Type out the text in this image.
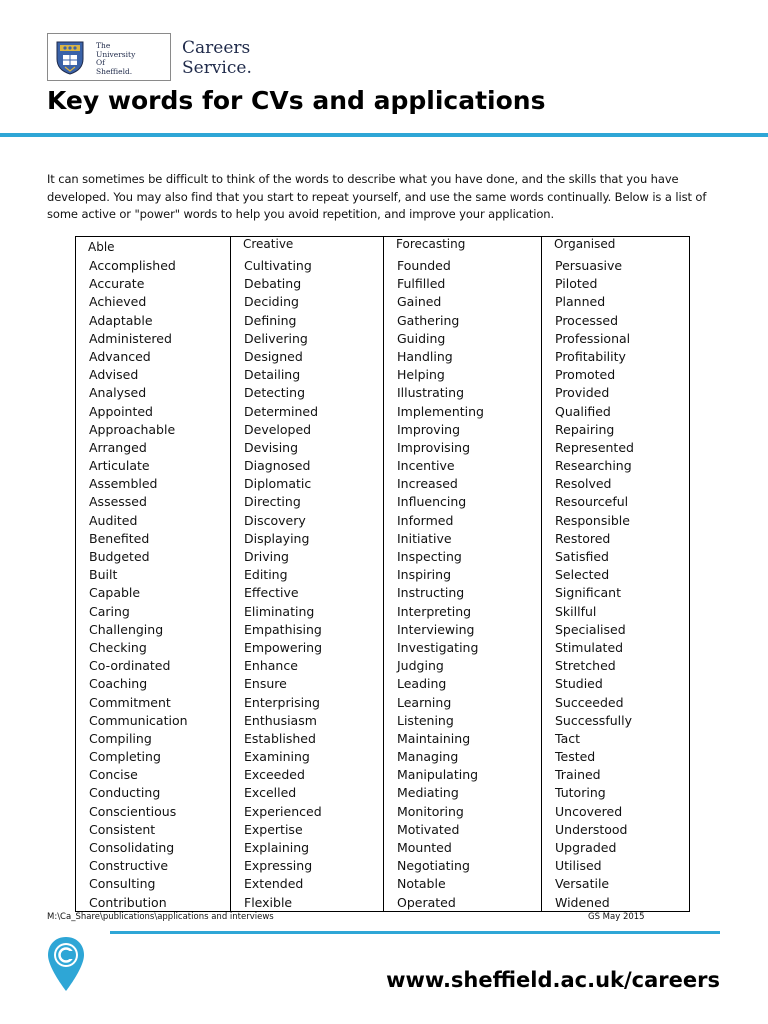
The
University
Of
Sheffield.
Careers
Service.
Key words for CVs and applications

It can sometimes be difficult to think of the words to describe what you have done, and the skills that you have developed. You may also find that you start to repeat yourself, and use the same words continually. Below is a list of some active or "power" words to help you avoid repetition, and improve your application.

Able
Accomplished
Accurate
Achieved
Adaptable
Administered
Advanced
Advised
Analysed
Appointed
Approachable
Arranged
Articulate
Assembled
Assessed
Audited
Benefited
Budgeted
Built
Capable
Caring
Challenging
Checking
Co-ordinated
Coaching
Commitment
Communication
Compiling
Completing
Concise
Conducting
Conscientious
Consistent
Consolidating
Constructive
Consulting
Contribution
Creative
Cultivating
Debating
Deciding
Defining
Delivering
Designed
Detailing
Detecting
Determined
Developed
Devising
Diagnosed
Diplomatic
Directing
Discovery
Displaying
Driving
Editing
Effective
Eliminating
Empathising
Empowering
Enhance
Ensure
Enterprising
Enthusiasm
Established
Examining
Exceeded
Excelled
Experienced
Expertise
Explaining
Expressing
Extended
Flexible
Forecasting
Founded
Fulfilled
Gained
Gathering
Guiding
Handling
Helping
Illustrating
Implementing
Improving
Improvising
Incentive
Increased
Influencing
Informed
Initiative
Inspecting
Inspiring
Instructing
Interpreting
Interviewing
Investigating
Judging
Leading
Learning
Listening
Maintaining
Managing
Manipulating
Mediating
Monitoring
Motivated
Mounted
Negotiating
Notable
Operated
Organised
Persuasive
Piloted
Planned
Processed
Professional
Profitability
Promoted
Provided
Qualified
Repairing
Represented
Researching
Resolved
Resourceful
Responsible
Restored
Satisfied
Selected
Significant
Skillful
Specialised
Stimulated
Stretched
Studied
Succeeded
Successfully
Tact
Tested
Trained
Tutoring
Uncovered
Understood
Upgraded
Utilised
Versatile
Widened
M:\Ca_Share\publications\applications and interviews	GS May 2015
www.sheffield.ac.uk/careers
